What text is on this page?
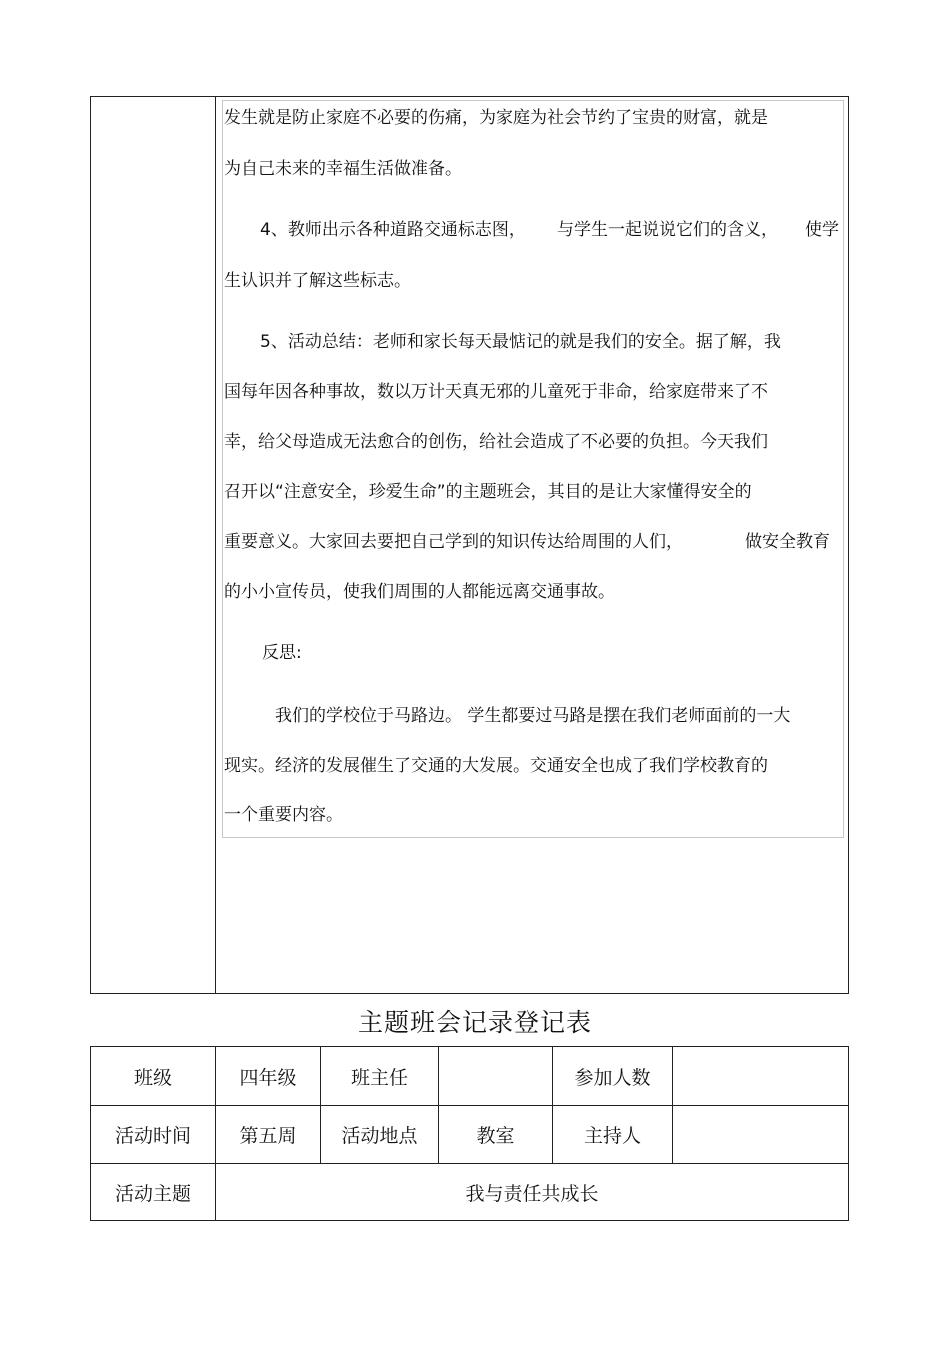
发生就是防止家庭不必要的伤痛，为家庭为社会节约了宝贵的财富，就是
为自己未来的幸福生活做准备。
4、教师出示各种道路交通标志图， 与学生一起说说它们的含义， 使学
生认识并了解这些标志。
5、活动总结：老师和家长每天最惦记的就是我们的安全。据了解，我
国每年因各种事故，数以万计天真无邪的儿童死于非命，给家庭带来了不
幸，给父母造成无法愈合的创伤，给社会造成了不必要的负担。今天我们
召开以“注意安全，珍爱生命”的主题班会，其目的是让大家懂得安全的
重要意义。大家回去要把自己学到的知识传达给周围的人们，	做安全教育
的小小宣传员，使我们周围的人都能远离交通事故。
反思:
我们的学校位于马路边。 学生都要过马路是摆在我们老师面前的一大
现实。经济的发展催生了交通的大发展。交通安全也成了我们学校教育的
一个重要内容。
主题班会记录登记表
班级	四年级	班主任		参加人数	
活动时间	第五周	活动地点	教室	主持人	
活动主题	我与责任共成长				
